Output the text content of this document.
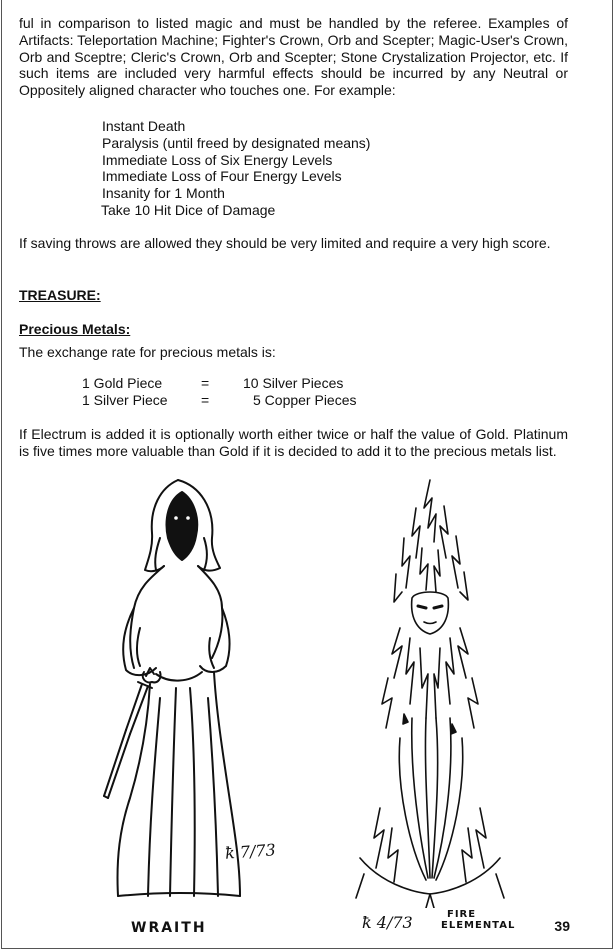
ful in comparison to listed magic and must be handled by the referee. Examples of Artifacts: Teleportation Machine; Fighter's Crown, Orb and Scepter; Magic-User's Crown, Orb and Sceptre; Cleric's Crown, Orb and Scepter; Stone Crystalization Projector, etc. If such items are included very harmful effects should be incurred by any Neutral or Oppositely aligned character who touches one. For example:

Instant Death
Paralysis (until freed by designated means)
Immediate Loss of Six Energy Levels
Immediate Loss of Four Energy Levels
Insanity for 1 Month
Take 10 Hit Dice of Damage

If saving throws are allowed they should be very limited and require a very high score.

TREASURE:
Precious Metals:
The exchange rate for precious metals is:
1 Gold Piece	= 10 Silver Pieces
1 Silver Piece =	5 Copper Pieces

If Electrum is added it is optionally worth either twice or half the value of Gold. Platinum is five times more valuable than Gold if it is decided to add it to the precious metals list.

WRAITH
ꝁ 7/73
FIRE
ELEMENTAL
ꝁ 4/73	39
